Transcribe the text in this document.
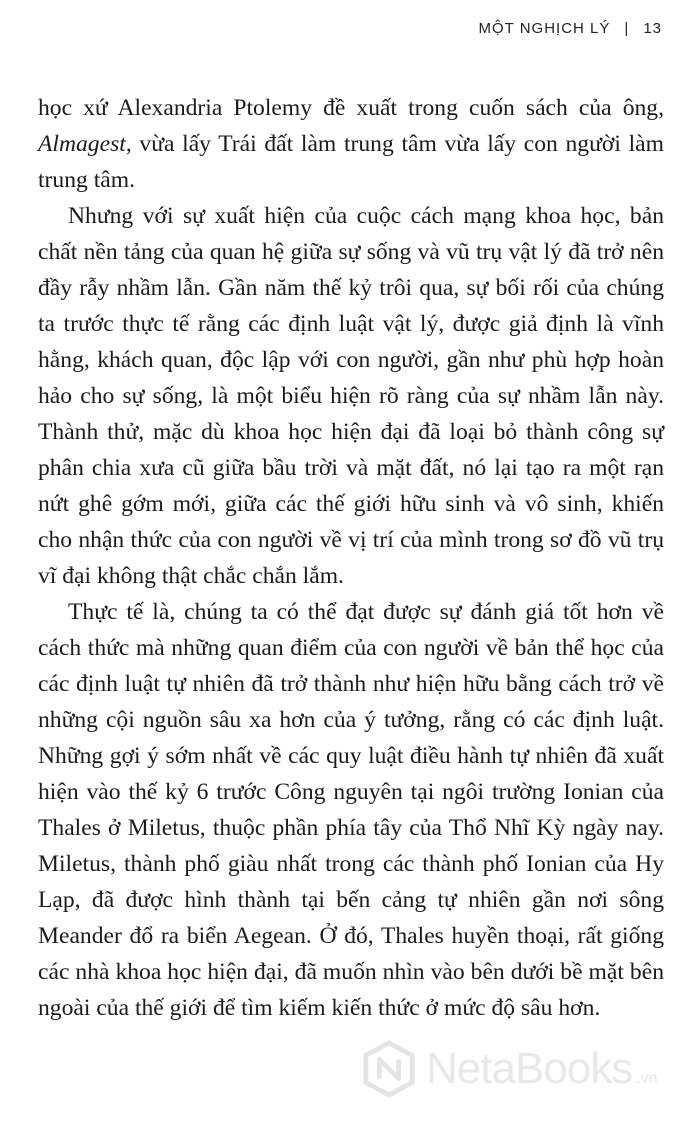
MỘT NGHỊCH LÝ | 13

học xứ Alexandria Ptolemy đề xuất trong cuốn sách của ông, Almagest, vừa lấy Trái đất làm trung tâm vừa lấy con người làm trung tâm.

Nhưng với sự xuất hiện của cuộc cách mạng khoa học, bản chất nền tảng của quan hệ giữa sự sống và vũ trụ vật lý đã trở nên đầy rẫy nhầm lẫn. Gần năm thế kỷ trôi qua, sự bối rối của chúng ta trước thực tế rằng các định luật vật lý, được giả định là vĩnh hằng, khách quan, độc lập với con người, gần như phù hợp hoàn hảo cho sự sống, là một biểu hiện rõ ràng của sự nhầm lẫn này. Thành thử, mặc dù khoa học hiện đại đã loại bỏ thành công sự phân chia xưa cũ giữa bầu trời và mặt đất, nó lại tạo ra một rạn nứt ghê gớm mới, giữa các thế giới hữu sinh và vô sinh, khiến cho nhận thức của con người về vị trí của mình trong sơ đồ vũ trụ vĩ đại không thật chắc chắn lắm.

Thực tế là, chúng ta có thể đạt được sự đánh giá tốt hơn về cách thức mà những quan điểm của con người về bản thể học của các định luật tự nhiên đã trở thành như hiện hữu bằng cách trở về những cội nguồn sâu xa hơn của ý tưởng, rằng có các định luật. Những gợi ý sớm nhất về các quy luật điều hành tự nhiên đã xuất hiện vào thế kỷ 6 trước Công nguyên tại ngôi trường Ionian của Thales ở Miletus, thuộc phần phía tây của Thổ Nhĩ Kỳ ngày nay. Miletus, thành phố giàu nhất trong các thành phố Ionian của Hy Lạp, đã được hình thành tại bến cảng tự nhiên gần nơi sông Meander đổ ra biển Aegean. Ở đó, Thales huyền thoại, rất giống các nhà khoa học hiện đại, đã muốn nhìn vào bên dưới bề mặt bên ngoài của thế giới để tìm kiếm kiến thức ở mức độ sâu hơn.

NetaBooks .vn
